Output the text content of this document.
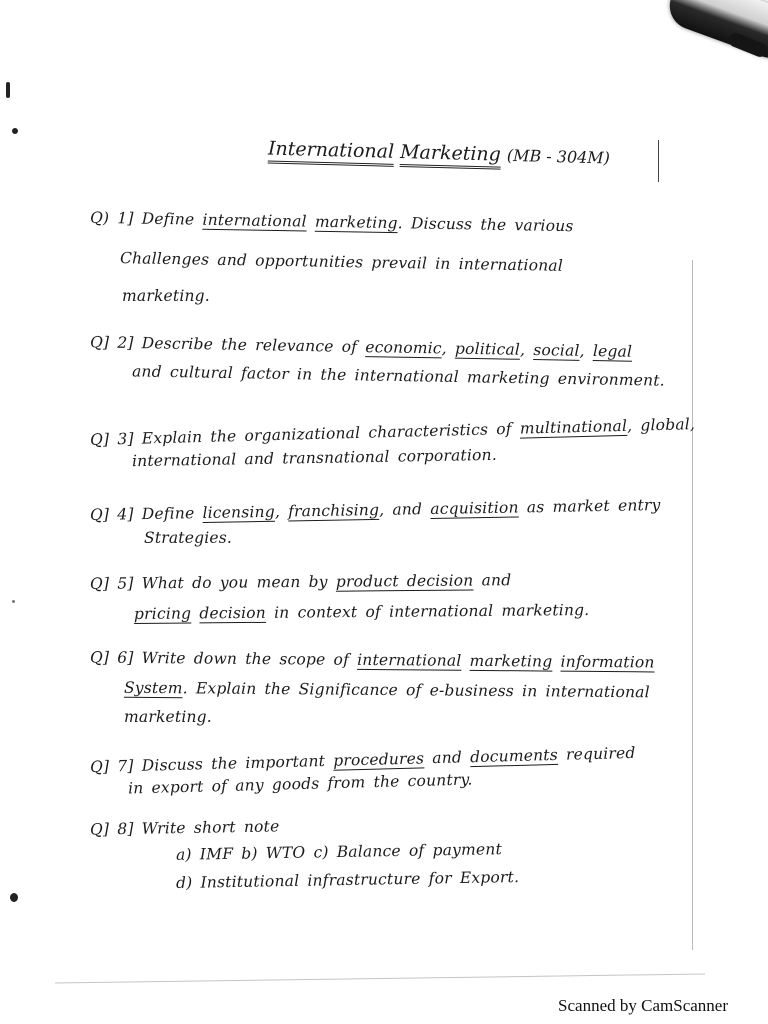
International Marketing (MB - 304M)
Q) 1] Define international marketing. Discuss the various
Challenges and opportunities prevail in international
marketing.
Q] 2] Describe the relevance of economic, political, social, legal
and cultural factor in the international marketing environment.
Q] 3] Explain the organizational characteristics of multinational, global,
international and transnational corporation.
Q] 4] Define licensing, franchising, and acquisition as market entry
Strategies.
Q] 5] What do you mean by product decision and
pricing decision in context of international marketing.
Q] 6] Write down the scope of international marketing information
System. Explain the Significance of e-business in international
marketing.
Q] 7] Discuss the important procedures and documents required
in export of any goods from the country.
Q] 8] Write short note
a) IMF b) WTO c) Balance of payment
d) Institutional infrastructure for Export.
Scanned by CamScanner
